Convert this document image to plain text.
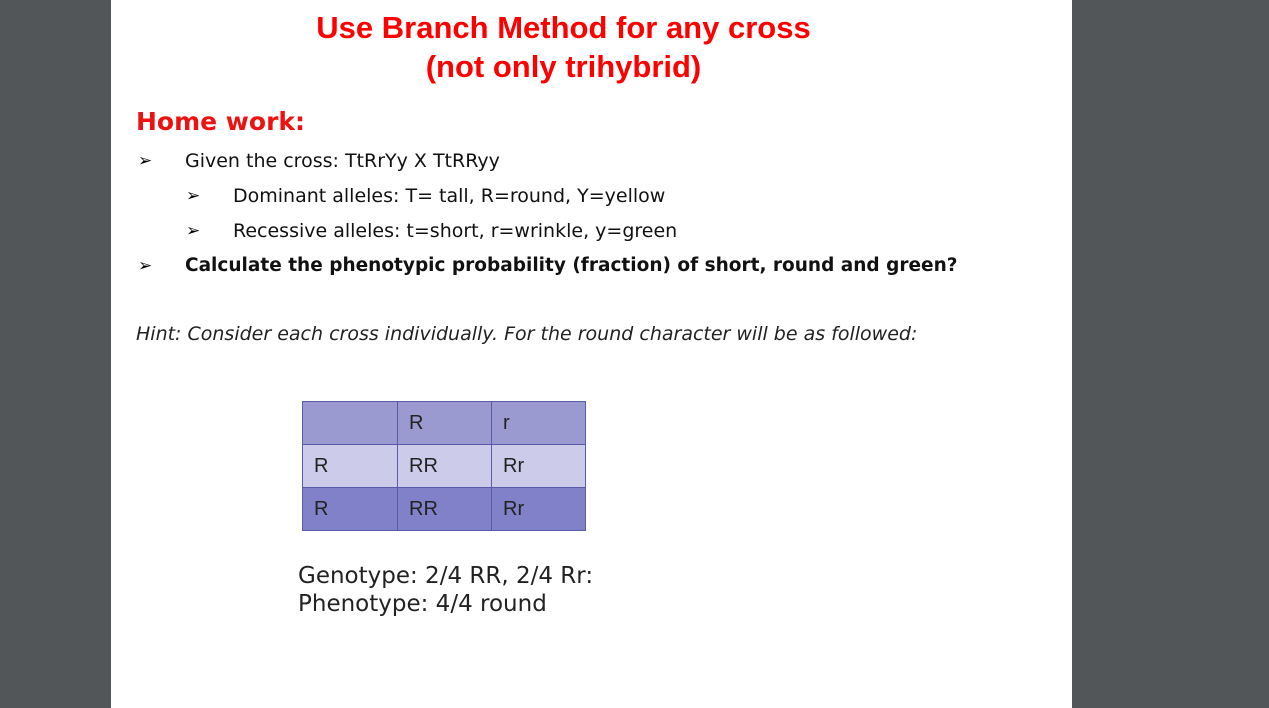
Use Branch Method for any cross
(not only trihybrid)
Home work:
➢ Given the cross: TtRrYy X TtRRyy
➢ Dominant alleles: T= tall, R=round, Y=yellow
➢ Recessive alleles: t=short, r=wrinkle, y=green
➢ Calculate the phenotypic probability (fraction) of short, round and green?
Hint: Consider each cross individually. For the round character will be as followed:
	R	r
R	RR	Rr
R	RR	Rr
Genotype: 2/4 RR, 2/4 Rr:
Phenotype: 4/4 round
